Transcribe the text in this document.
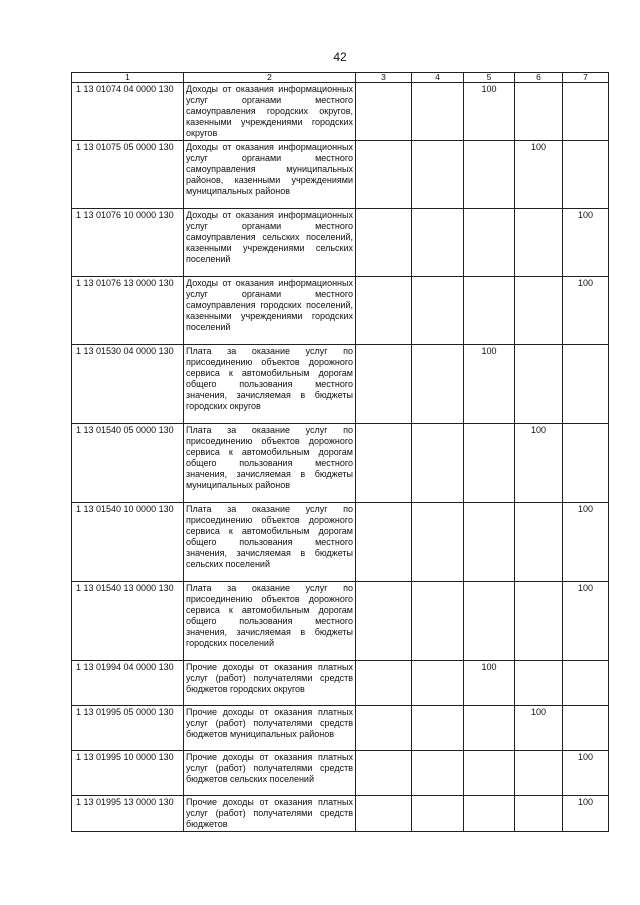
42
1	2	3	4	5	6	7
1 13 01074 04 0000 130	Доходы от оказания информационных услуг органами местного самоуправления городских округов, казенными учреждениями городских округов			100		
1 13 01075 05 0000 130	Доходы от оказания информационных услуг органами местного самоуправления муниципальных районов, казенными учреждениями муниципальных районов				100	
1 13 01076 10 0000 130	Доходы от оказания информационных услуг органами местного самоуправления сельских поселений, казенными учреждениями сельских поселений					100
1 13 01076 13 0000 130	Доходы от оказания информационных услуг органами местного самоуправления городских поселений, казенными учреждениями городских поселений					100
1 13 01530 04 0000 130	Плата за оказание услуг по присоединению объектов дорожного сервиса к автомобильным дорогам общего пользования местного значения, зачисляемая в бюджеты городских округов			100		
1 13 01540 05 0000 130	Плата за оказание услуг по присоединению объектов дорожного сервиса к автомобильным дорогам общего пользования местного значения, зачисляемая в бюджеты муниципальных районов				100	
1 13 01540 10 0000 130	Плата за оказание услуг по присоединению объектов дорожного сервиса к автомобильным дорогам общего пользования местного значения, зачисляемая в бюджеты сельских поселений					100
1 13 01540 13 0000 130	Плата за оказание услуг по присоединению объектов дорожного сервиса к автомобильным дорогам общего пользования местного значения, зачисляемая в бюджеты городских поселений					100
1 13 01994 04 0000 130	Прочие доходы от оказания платных услуг (работ) получателями средств бюджетов городских округов			100		
1 13 01995 05 0000 130	Прочие доходы от оказания платных услуг (работ) получателями средств бюджетов муниципальных районов				100	
1 13 01995 10 0000 130	Прочие доходы от оказания платных услуг (работ) получателями средств бюджетов сельских поселений					100
1 13 01995 13 0000 130	Прочие доходы от оказания платных услуг (работ) получателями средств бюджетов					100
